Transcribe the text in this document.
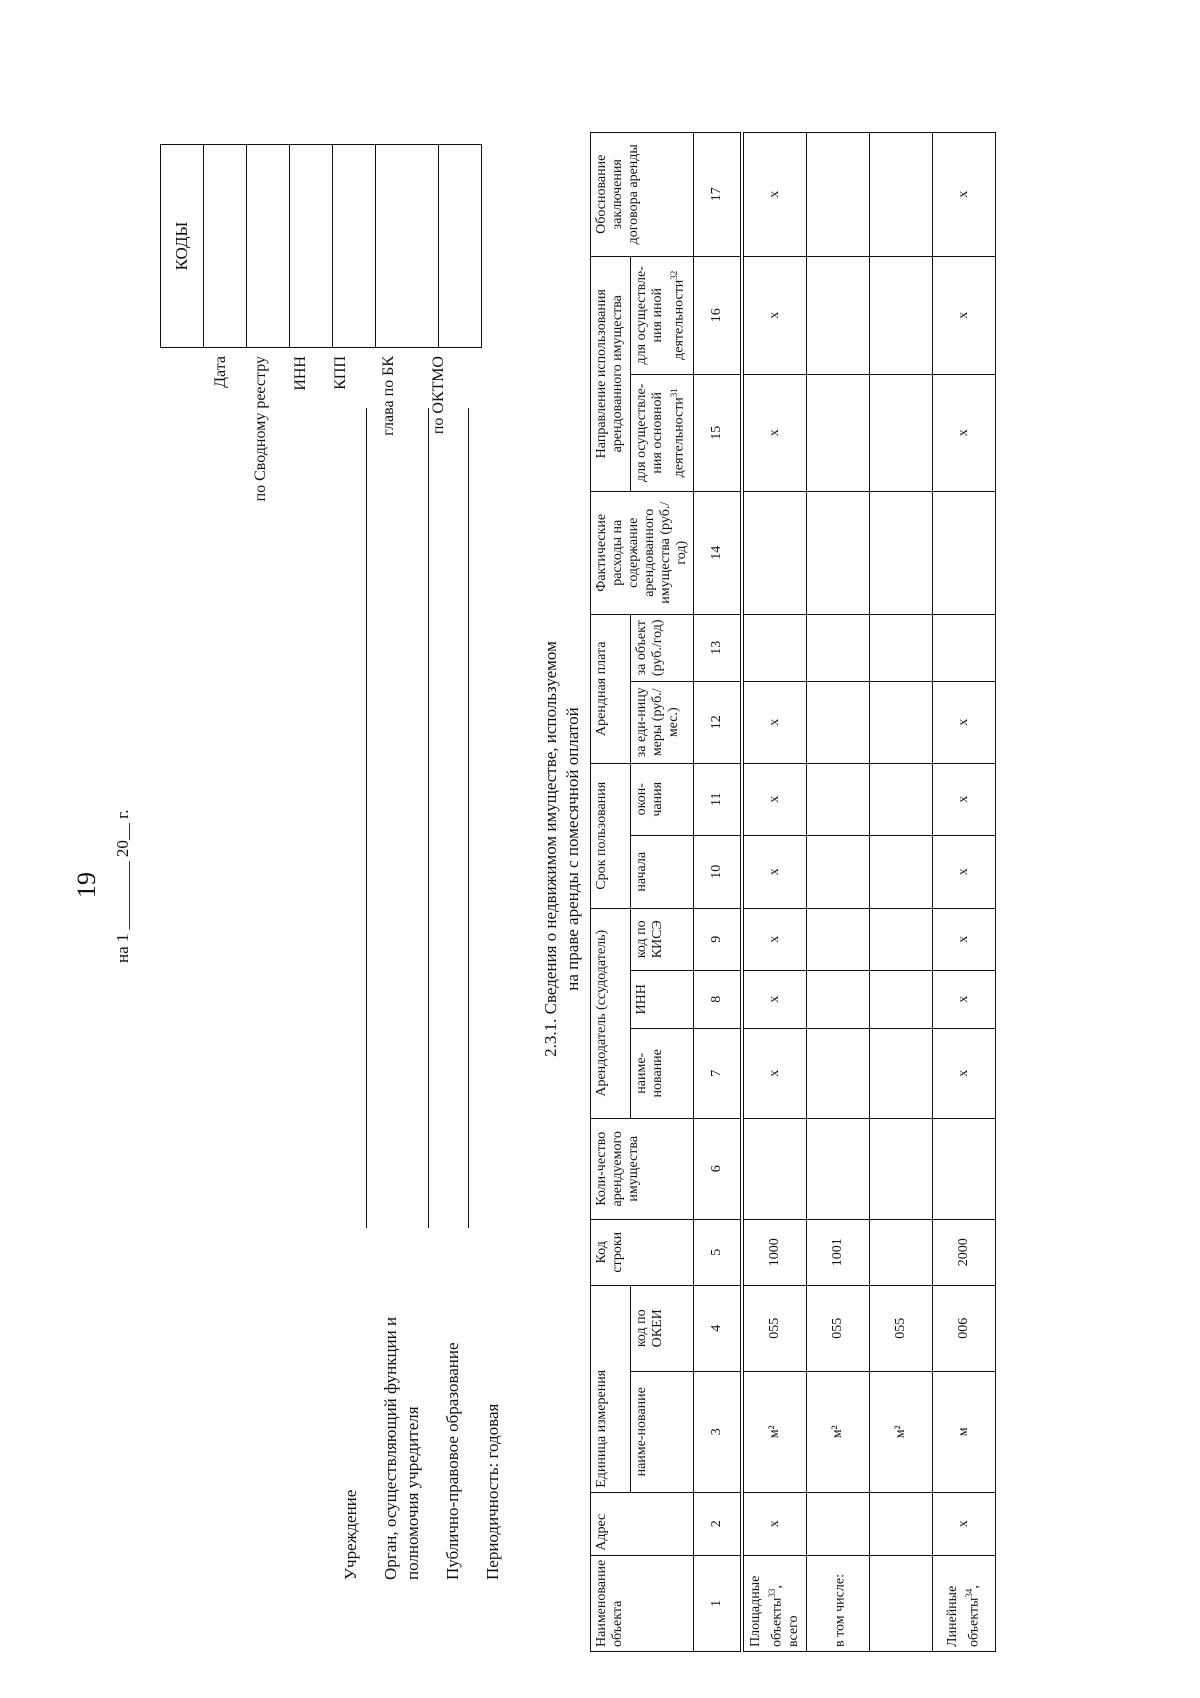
19 на 1 ________ 20__ г.
КОДЫ

Дата по Сводному реестру ИНН КПП глава по БК по ОКТМО
Учреждение Орган, осуществляющий функции и полномочия учредителя Публично-правовое образование Периодичность: годовая
2.3.1. Сведения о недвижимом имуществе, используемом на праве аренды с помесячной оплатой
Наименование объекта	Адрес	Единица измерения		Код строки	Коли-чество арендуемого имущества	Арендодатель (ссудодатель)			Срок пользования		Арендная плата		Фактические расходы на содержание арендованного имущества (руб./год)	Направление использования арендованного имущества		Обоснование заключения договора аренды
		наиме-нование	код по ОКЕИ			наиме-нование	ИНН	код по КИСЭ	начала	окон-чания	за еди-ницу меры (руб./мес.)	за объект (руб./год)		для осуществле-ния основной деятельности$^{31}$	для осуществле-ния иной деятельности$^{32}$
1	2	3	4	5	6	7	8	9	10	11	12	13	14	15	16	17

Площадные объекты$^{33}$, всего	х	м²	055	1000		х	х	х	х	х	х			х	х	х
в том числе:		м²	055	1001												
		м²	055													
Линейные объекты$^{34}$,	х	м	006	2000		х	х	х	х	х	х			х	х	х
